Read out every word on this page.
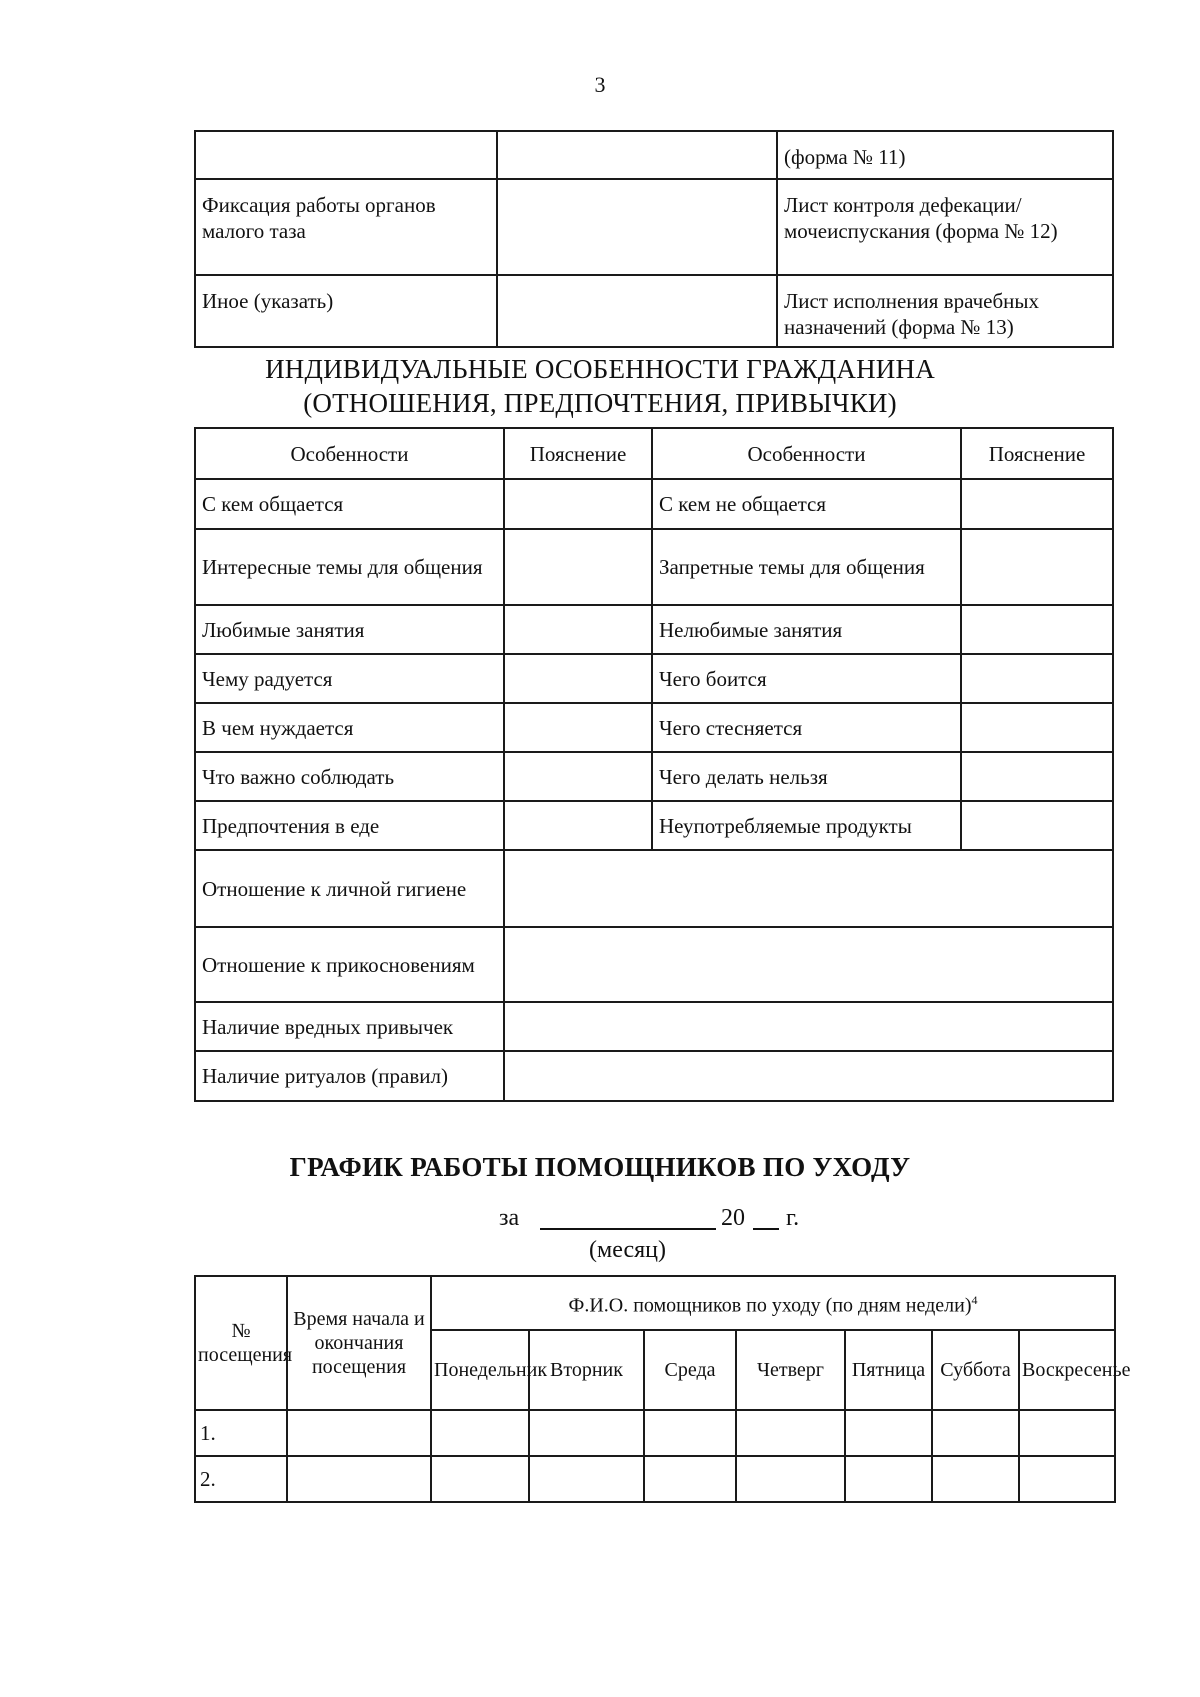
3
		(форма № 11)
Фиксация работы органов малого таза		Лист контроля дефекации/мочеиспускания (форма № 12)
Иное (указать)		Лист исполнения врачебных назначений (форма № 13)
ИНДИВИДУАЛЬНЫЕ ОСОБЕННОСТИ ГРАЖДАНИНА
(ОТНОШЕНИЯ, ПРЕДПОЧТЕНИЯ, ПРИВЫЧКИ)
Особенности	Пояснение	Особенности	Пояснение
С кем общается		С кем не общается	
Интересные темы для общения		Запретные темы для общения	
Любимые занятия		Нелюбимые занятия	
Чему радуется		Чего боится	
В чем нуждается		Чего стесняется	
Что важно соблюдать		Чего делать нельзя	
Предпочтения в еде		Неупотребляемые продукты	
Отношение к личной гигиене			
Отношение к прикосновениям			
Наличие вредных привычек			
Наличие ритуалов (правил)			
ГРАФИК РАБОТЫ ПОМОЩНИКОВ ПО УХОДУ
за	20 г.
(месяц)
№ посещения	Время начала и окончания посещения	Ф.И.О. помощников по уходу (по дням недели)$^4$
		Понедельник	Вторник	Среда	Четверг	Пятница	Суббота	Воскресенье
1.								
2.								
